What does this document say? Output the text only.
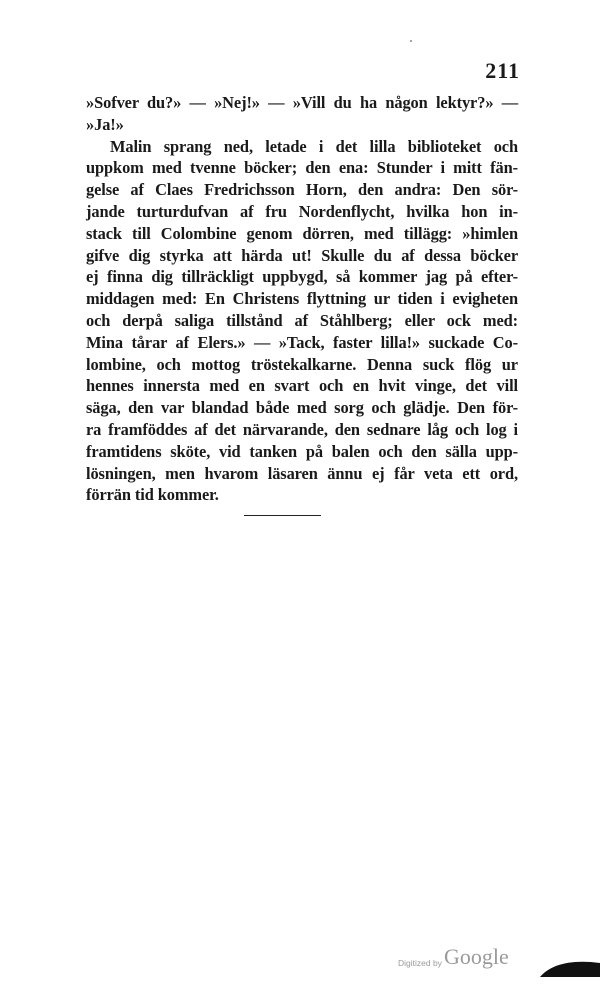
211
»Sofver du?» — »Nej!» — »Vill du ha någon lektyr?» —
»Ja!»
Malin sprang ned, letade i det lilla biblioteket och
uppkom med tvenne böcker; den ena: Stunder i mitt fän-
gelse af Claes Fredrichsson Horn, den andra: Den sör-
jande turturdufvan af fru Nordenflycht, hvilka hon in-
stack till Colombine genom dörren, med tillägg: »himlen
gifve dig styrka att härda ut! Skulle du af dessa böcker
ej finna dig tillräckligt uppbygd, så kommer jag på efter-
middagen med: En Christens flyttning ur tiden i evigheten
och derpå saliga tillstånd af Ståhlberg; eller ock med:
Mina tårar af Elers.» — »Tack, faster lilla!» suckade Co-
lombine, och mottog tröstekalkarne. Denna suck flög ur
hennes innersta med en svart och en hvit vinge, det vill
säga, den var blandad både med sorg och glädje. Den för-
ra framföddes af det närvarande, den sednare låg och log i
framtidens sköte, vid tanken på balen och den sälla upp-
lösningen, men hvarom läsaren ännu ej får veta ett ord,
förrän tid kommer.
Digitized by Google
